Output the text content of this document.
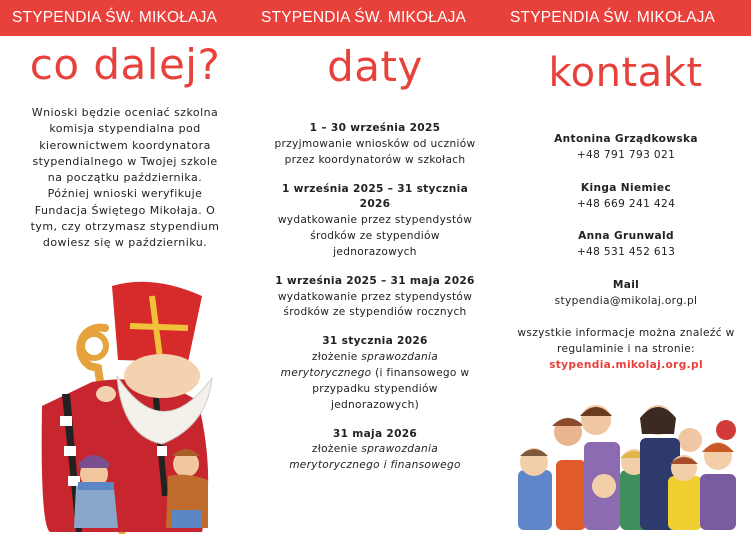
STYPENDIA ŚW. MIKOŁAJA	STYPENDIA ŚW. MIKOŁAJA	STYPENDIA ŚW. MIKOŁAJA
co dalej?
Wnioski będzie oceniać szkolna komisja stypendialna pod kierownictwem koordynatora stypendialnego w Twojej szkole na początku października. Później wnioski weryfikuje Fundacja Świętego Mikołaja. O tym, czy otrzymasz stypendium dowiesz się w październiku.
daty
1 – 30 września 2025
przyjmowanie wniosków od uczniów przez koordynatorów w szkołach
1 września 2025 – 31 stycznia 2026
wydatkowanie przez stypendystów środków ze stypendiów jednorazowych
1 września 2025 – 31 maja 2026
wydatkowanie przez stypendystów środków ze stypendiów rocznych
31 stycznia 2026
złożenie sprawozdania merytorycznego (i finansowego w przypadku stypendiów jednorazowych)
31 maja 2026
złożenie sprawozdania merytorycznego i finansowego
kontakt
Antonina Grządkowska
+48 791 793 021
Kinga Niemiec
+48 669 241 424
Anna Grunwald
+48 531 452 613
Mail
stypendia@mikolaj.org.pl
wszystkie informacje można znaleźć w regulaminie i na stronie:
stypendia.mikolaj.org.pl
